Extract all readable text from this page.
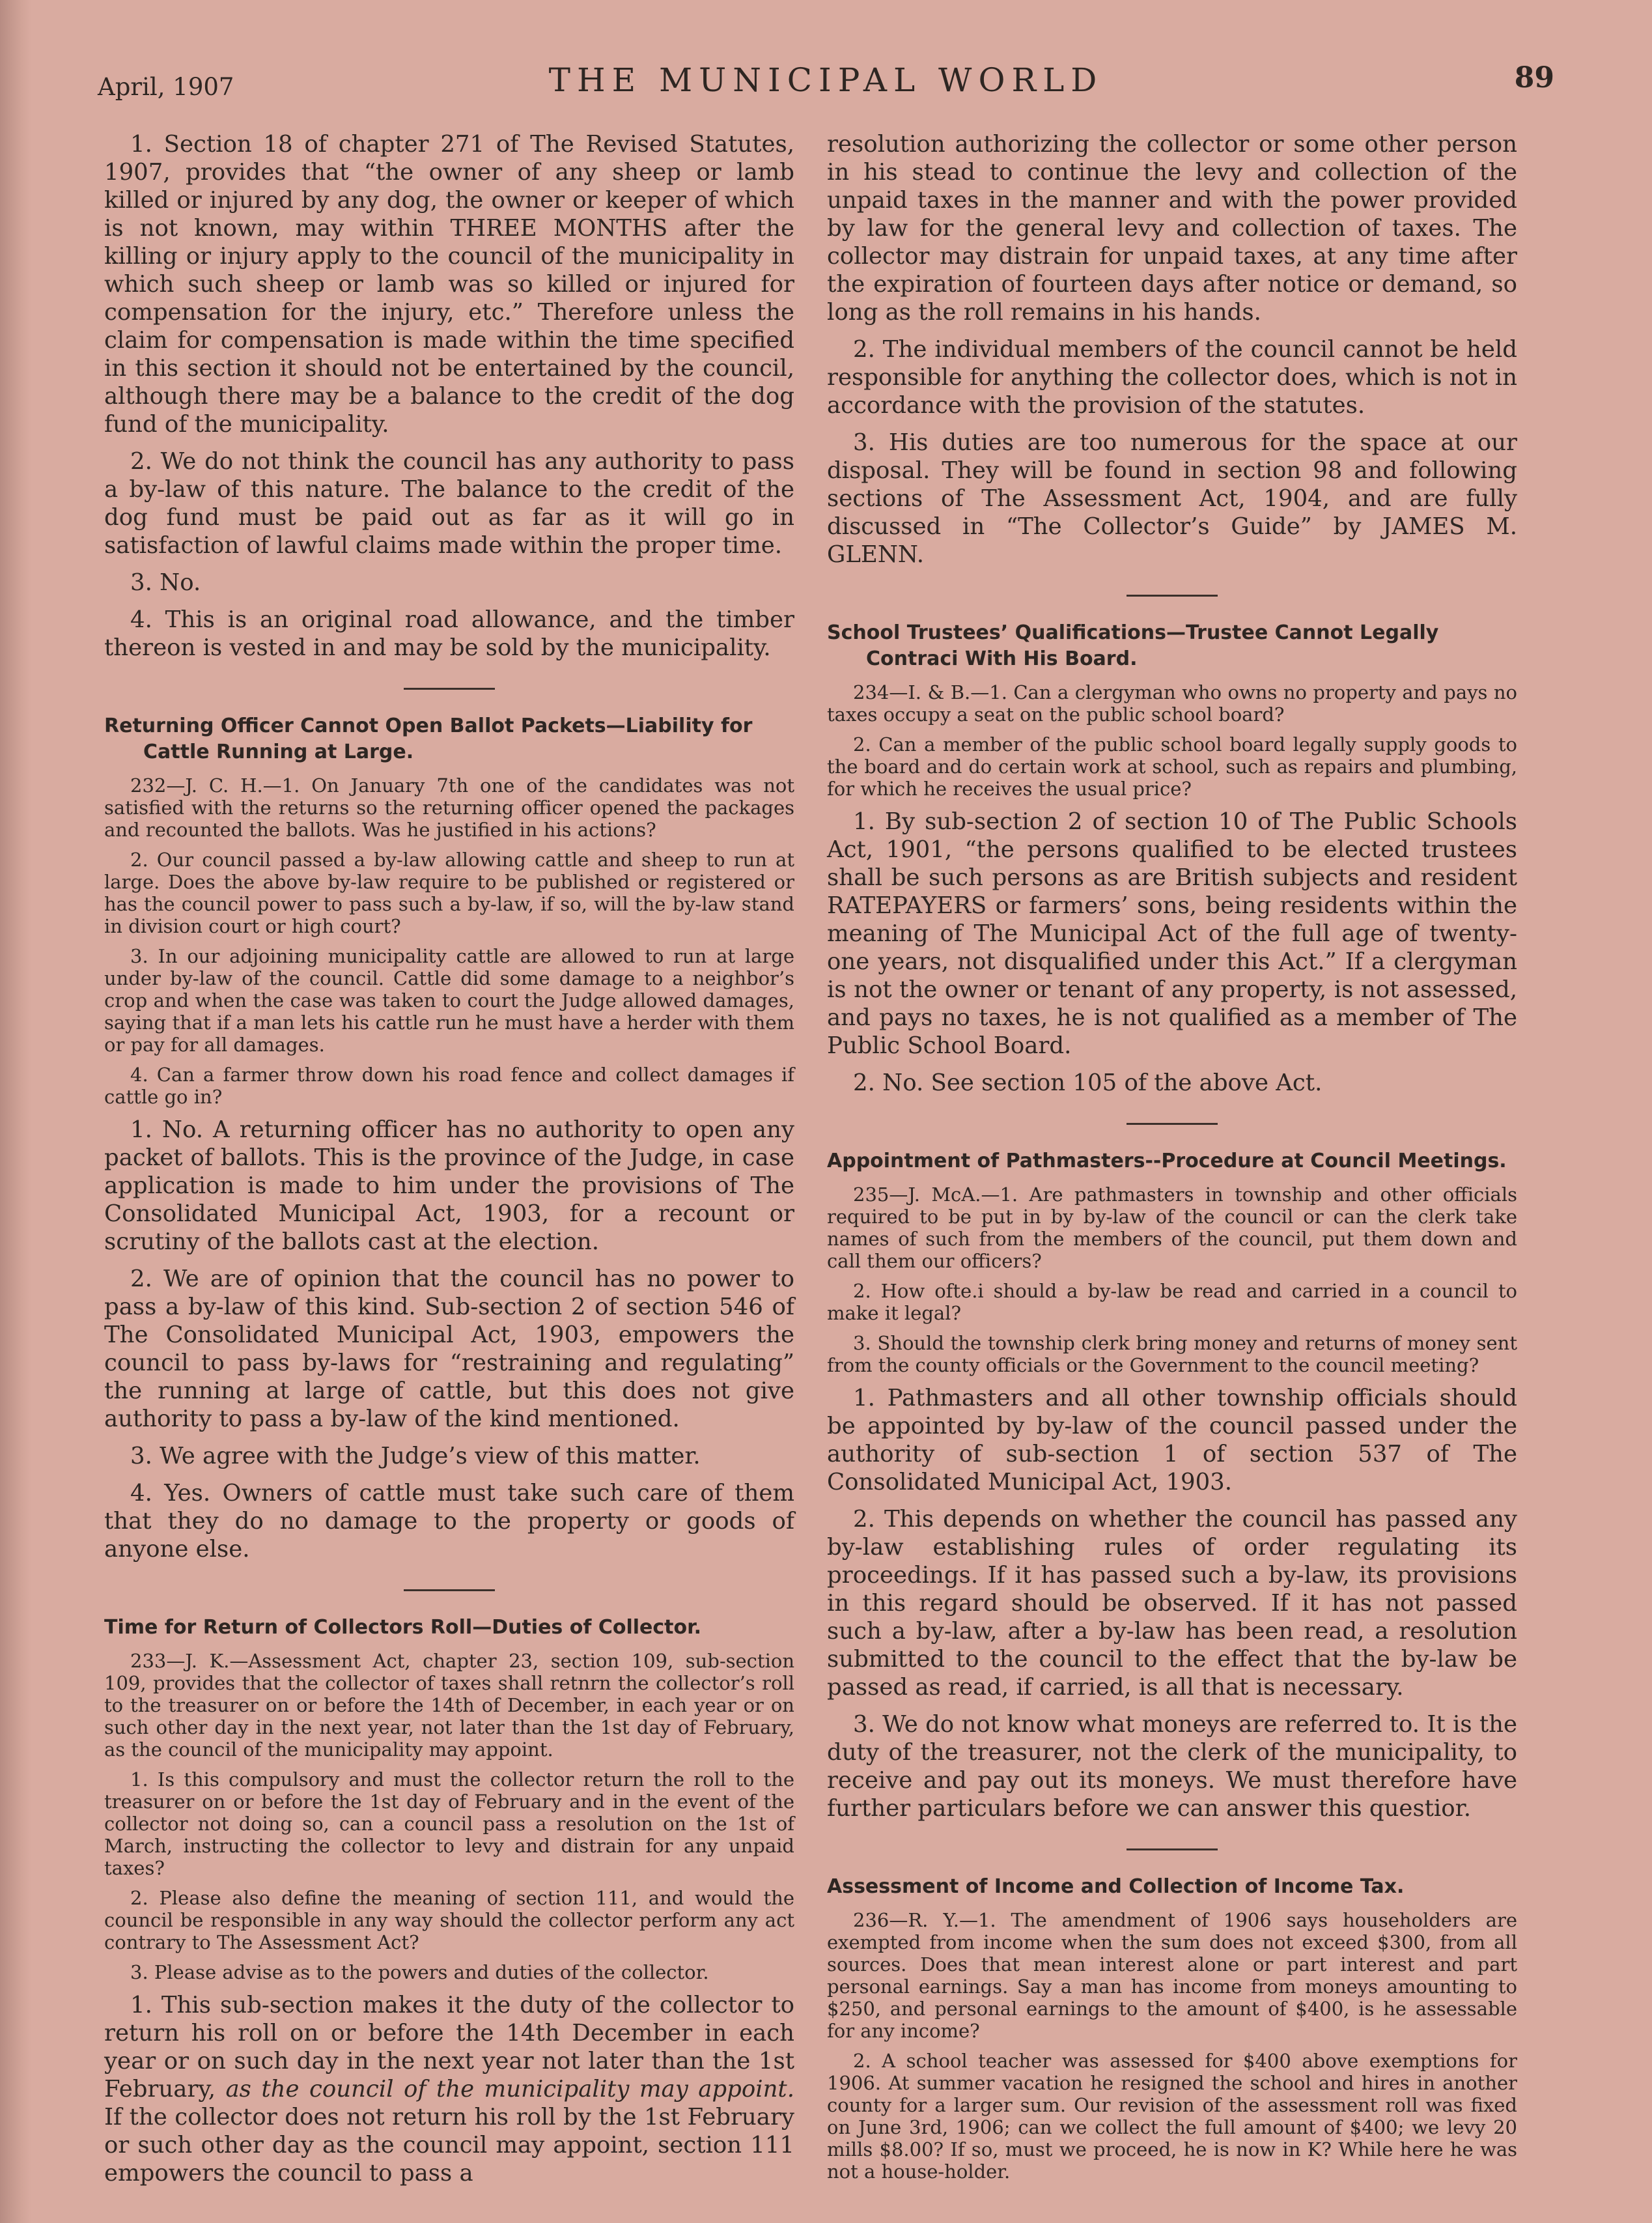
April, 1907	THE MUNICIPAL WORLD	89

1. Section 18 of chapter 271 of The Revised Statutes, 1907, provides that “the owner of any sheep or lamb killed or injured by any dog, the owner or keeper of which is not known, may within THREE MONTHS after the killing or injury apply to the council of the municipality in which such sheep or lamb was so killed or injured for compensation for the injury, etc.” Therefore unless the claim for compensation is made within the time specified in this section it should not be entertained by the council, although there may be a balance to the credit of the dog fund of the municipality.

2. We do not think the council has any authority to pass a by-law of this nature. The balance to the credit of the dog fund must be paid out as far as it will go in satisfaction of lawful claims made within the proper time.

3. No.

4. This is an original road allowance, and the timber thereon is vested in and may be sold by the municipality.

Returning Officer Cannot Open Ballot Packets—Liability for Cattle Running at Large.

232—J. C. H.—1. On January 7th one of the candidates was not satisfied with the returns so the returning officer opened the packages and recounted the ballots. Was he justified in his actions?

2. Our council passed a by-law allowing cattle and sheep to run at large. Does the above by-law require to be published or registered or has the council power to pass such a by-law, if so, will the by-law stand in division court or high court?

3. In our adjoining municipality cattle are allowed to run at large under by-law of the council. Cattle did some damage to a neighbor’s crop and when the case was taken to court the Judge allowed damages, saying that if a man lets his cattle run he must have a herder with them or pay for all damages.

4. Can a farmer throw down his road fence and collect damages if cattle go in?

1. No. A returning officer has no authority to open any packet of ballots. This is the province of the Judge, in case application is made to him under the provisions of The Consolidated Municipal Act, 1903, for a recount or scrutiny of the ballots cast at the election.

2. We are of opinion that the council has no power to pass a by-law of this kind. Sub-section 2 of section 546 of The Consolidated Municipal Act, 1903, empowers the council to pass by-laws for “restraining and regulating” the running at large of cattle, but this does not give authority to pass a by-law of the kind mentioned.

3. We agree with the Judge’s view of this matter.

4. Yes. Owners of cattle must take such care of them that they do no damage to the property or goods of anyone else.

Time for Return of Collectors Roll—Duties of Collector.

233—J. K.—Assessment Act, chapter 23, section 109, sub-section 109, provides that the collector of taxes shall retnrn the collector’s roll to the treasurer on or before the 14th of December, in each year or on such other day in the next year, not later than the 1st day of February, as the council of the municipality may appoint.

1. Is this compulsory and must the collector return the roll to the treasurer on or before the 1st day of February and in the event of the collector not doing so, can a council pass a resolution on the 1st of March, instructing the collector to levy and distrain for any unpaid taxes?

2. Please also define the meaning of section 111, and would the council be responsible in any way should the collector perform any act contrary to The Assessment Act?

3. Please advise as to the powers and duties of the collector.

1. This sub-section makes it the duty of the collector to return his roll on or before the 14th December in each year or on such day in the next year not later than the 1st February, as the council of the municipality may appoint. If the collector does not return his roll by the 1st February or such other day as the council may appoint, section 111 empowers the council to pass a

resolution authorizing the collector or some other person in his stead to continue the levy and collection of the unpaid taxes in the manner and with the power provided by law for the general levy and collection of taxes. The collector may distrain for unpaid taxes, at any time after the expiration of fourteen days after notice or demand, so long as the roll remains in his hands.

2. The individual members of the council cannot be held responsible for anything the collector does, which is not in accordance with the provision of the statutes.

3. His duties are too numerous for the space at our disposal. They will be found in section 98 and following sections of The Assessment Act, 1904, and are fully discussed in “The Collector’s Guide” by JAMES M. GLENN.

School Trustees’ Qualifications—Trustee Cannot Legally Contraci With His Board.

234—I. & B.—1. Can a clergyman who owns no property and pays no taxes occupy a seat on the public school board?

2. Can a member of the public school board legally supply goods to the board and do certain work at school, such as repairs and plumbing, for which he receives the usual price?

1. By sub-section 2 of section 10 of The Public Schools Act, 1901, “the persons qualified to be elected trustees shall be such persons as are British subjects and resident RATEPAYERS or farmers’ sons, being residents within the meaning of The Municipal Act of the full age of twenty-one years, not disqualified under this Act.” If a clergyman is not the owner or tenant of any property, is not assessed, and pays no taxes, he is not qualified as a member of The Public School Board.

2. No. See section 105 of the above Act.

Appointment of Pathmasters--Procedure at Council Meetings.

235—J. McA.—1. Are pathmasters in township and other officials required to be put in by by-law of the council or can the clerk take names of such from the members of the council, put them down and call them our officers?

2. How ofte.i should a by-law be read and carried in a council to make it legal?

3. Should the township clerk bring money and returns of money sent from the county officials or the Government to the council meeting?

1. Pathmasters and all other township officials should be appointed by by-law of the council passed under the authority of sub-section 1 of section 537 of The Consolidated Municipal Act, 1903.

2. This depends on whether the council has passed any by-law establishing rules of order regulating its proceedings. If it has passed such a by-law, its provisions in this regard should be observed. If it has not passed such a by-law, after a by-law has been read, a resolution submitted to the council to the effect that the by-law be passed as read, if carried, is all that is necessary.

3. We do not know what moneys are referred to. It is the duty of the treasurer, not the clerk of the municipality, to receive and pay out its moneys. We must therefore have further particulars before we can answer this questior.

Assessment of Income and Collection of Income Tax.

236—R. Y.—1. The amendment of 1906 says householders are exempted from income when the sum does not exceed $300, from all sources. Does that mean interest alone or part interest and part personal earnings. Say a man has income from moneys amounting to $250, and personal earnings to the amount of $400, is he assessable for any income?

2. A school teacher was assessed for $400 above exemptions for 1906. At summer vacation he resigned the school and hires in another county for a larger sum. Our revision of the assessment roll was fixed on June 3rd, 1906; can we collect the full amount of $400; we levy 20 mills $8.00? If so, must we proceed, he is now in K? While here he was not a house-holder.
